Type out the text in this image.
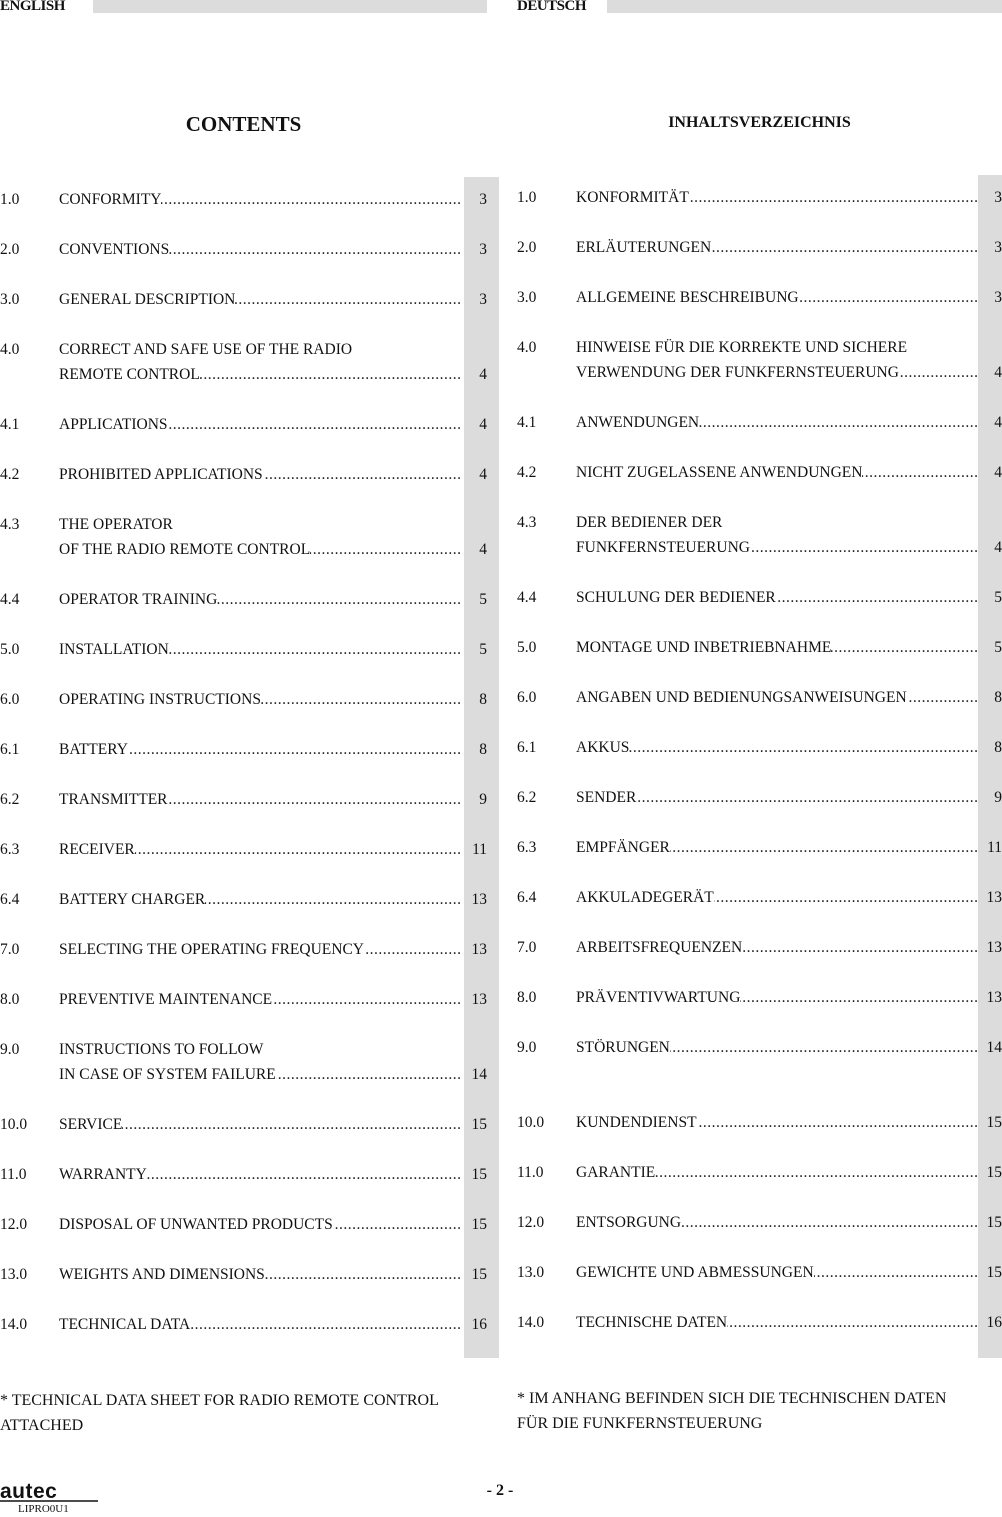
ENGLISH	DEUTSCH
CONTENTS	INHALTSVERZEICHNIS
1.0	CONFORMITY .....	3
2.0	CONVENTIONS .....	3
3.0	GENERAL DESCRIPTION .....	3
4.0	CORRECT AND SAFE USE OF THE RADIO
REMOTE CONTROL .....	4
4.1	APPLICATIONS .....	4
4.2	PROHIBITED APPLICATIONS .....	4
4.3	THE OPERATOR
OF THE RADIO REMOTE CONTROL .....	4
4.4	OPERATOR TRAINING .....	5
5.0	INSTALLATION .....	5
6.0	OPERATING INSTRUCTIONS .....	8
6.1	BATTERY .....	8
6.2	TRANSMITTER .....	9
6.3	RECEIVER .....	11
6.4	BATTERY CHARGER .....	13
7.0	SELECTING THE OPERATING FREQUENCY .....	13
8.0	PREVENTIVE MAINTENANCE .....	13
9.0	INSTRUCTIONS TO FOLLOW
IN CASE OF SYSTEM FAILURE .....	14
10.0 SERVICE .....	15
11.0 WARRANTY .....	15
12.0 DISPOSAL OF UNWANTED PRODUCTS .....	15
13.0 WEIGHTS AND DIMENSIONS .....	15
14.0 TECHNICAL DATA .....	16
1.0	KONFORMITÄT .....	3
2.0	ERLÄUTERUNGEN .....	3
3.0	ALLGEMEINE BESCHREIBUNG .....	3
4.0	HINWEISE FÜR DIE KORREKTE UND SICHERE
VERWENDUNG DER FUNKFERNSTEUERUNG .....	4
4.1	ANWENDUNGEN .....	4
4.2	NICHT ZUGELASSENE ANWENDUNGEN .....	4
4.3	DER BEDIENER DER
FUNKFERNSTEUERUNG .....	4
4.4	SCHULUNG DER BEDIENER .....	5
5.0	MONTAGE UND INBETRIEBNAHME .....	5
6.0	ANGABEN UND BEDIENUNGSANWEISUNGEN .....	8
6.1	AKKUS .....	8
6.2	SENDER .....	9
6.3	EMPFÄNGER .....	11
6.4	AKKULADEGERÄT .....	13
7.0	ARBEITSFREQUENZEN .....	13
8.0	PRÄVENTIVWARTUNG .....	13
9.0	STÖRUNGEN .....	14
10.0 KUNDENDIENST .....	15
11.0 GARANTIE .....	15
12.0 ENTSORGUNG .....	15
13.0 GEWICHTE UND ABMESSUNGEN .....	15
14.0 TECHNISCHE DATEN .....	16
* TECHNICAL DATA SHEET FOR RADIO REMOTE CONTROL
ATTACHED
* IM ANHANG BEFINDEN SICH DIE TECHNISCHEN DATEN
FÜR DIE FUNKFERNSTEUERUNG
autec
LIPRO0U1
- 2 -
